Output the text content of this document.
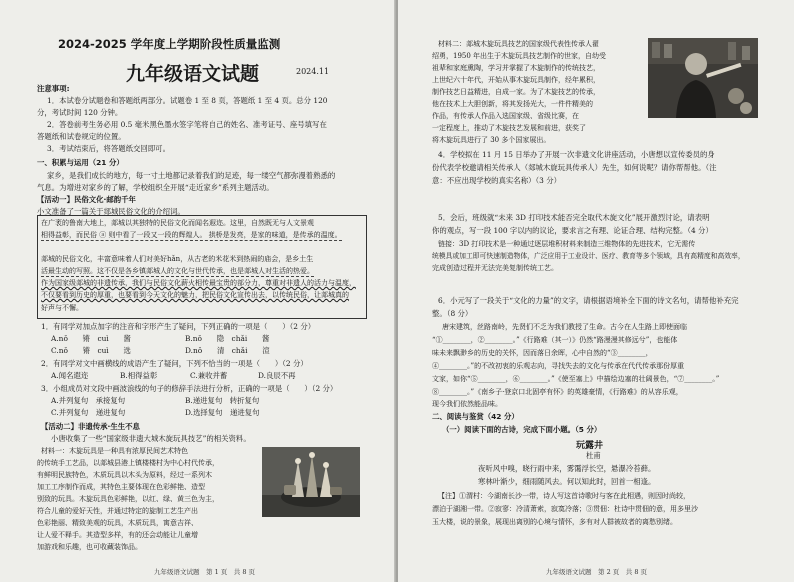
2024-2025 学年度上学期阶段性质量监测
九年级语文试题	2024.11
注意事项:
1．本试卷分试题卷和答题纸两部分。试题卷 1 至 8 页，答题纸 1 至 4 页。总分 120
分，考试时间 120 分钟。
2．答卷前考生务必用 0.5 毫米黑色墨水签字笔将自己的姓名、准考证号、座号填写在
答题纸和试卷规定的位置。
3．考试结束后，将答题纸交回即可。
一、积累与运用（21 分）
家乡，是我们成长的地方，每一寸土地都记录着我们的足迹，每一缕空气都弥漫着熟悉的
气息。为增进对家乡的了解，学校组织全开展“走近家乡”系列主题活动。
【活动一】民俗文化·邮韵千年
小文准备了一篇关于郯城民俗文化的介绍词。
在广袤的鲁南大地上，郯城以其独特的民俗文化而闻名遐迩。这里，自然既无与人文景观
相得益彰，而民俗 ⓐ 则中看了一段又一段的辉煌人。 拱桥是发亮，是家的味道，是传承的温度。
郯城的民俗文化，丰富意味着人们对美好hǎn，从古老的米花米到热闹的庙会，是乡土生
活最生动的写照。这不仅是各乡镇郯城人的文化与世代传承，也是郯城人对生活的热爱。
作为国家级郯城的非遗传承，我们与民俗文化薪火相传最宝贵的部分力，尊重对非遗人的活力与温度，
不仅要看到历史的厚重，也要看到今天文化的魅力，把民俗文化宣传出去，以传统民俗，让郯城真的
好声与不懈。
1．有同学对加点加字的注音和字形产生了疑问，下列正确的一项是（　　）（2 分）
A.nǒ　　锵　cuì　　酱	B.nǒ　　隐　chǎi　　酱
C.nǒ　　锵　cuì　　选	D.nǒ　　清　chǎi　　渲
2．有同学对文中画横线的成语产生了疑问，下列不恰当的一项是（　　）（2 分）
A.闻名遐迩	B.相得益彰	C.兼收并蓄	D.良辰不再
3．小组成员对文段中画波浪线的句子的修辞手法进行分析，正确的一项是（　　）（2 分）
A.并列复句　承接复句	B.递进复句　转折复句
C.并列复句　递进复句	D.选择复句　递进复句
【活动二】非遗传承·生生不息
小唐收集了一些“国家级非遗大城木旋玩具技艺”的相关资料。
材料一：木旋玩具是一种具有浓厚民间艺术特色
的传统手工艺品，以郯城县港上镇楼楼村为中心村代传承，
有鲜明民族特色，木质玩具以木头为原料，经过一系列木
加工工序制作而成，其特色主要体现在色彩鲜艳、造型
别致的玩具。木旋玩具色彩鲜艳，以红、绿、黄三色为主，
符合儿童的爱好天性，并通过特定的旋制工艺生产出
色彩艳丽、精致美观的玩具，木质玩具，寓意吉祥、
让人爱不释手。其造型多样，有的还会动能让儿童增
加游戏和乐趣，也可收藏装饰品。
九年级语文试题　第 1 页　共 8 页
材料二：郯城木旋玩具技艺的国家级代表性传承人翟
绍勇，1950 年出生于木旋玩具技艺制作的世家，自幼受
祖辈和家庭熏陶，学习并掌握了木旋制作的传统技艺，
上世纪六十年代，开始从事木旋玩具制作，经年累积，
制作技艺日益精进，自成一家。为了木旋技艺的传承，
他在技术上大胆创新，将其发扬光大，一件件精美的
作品，有传承人作品入选国家级、省级比赛，在
一定程度上，推动了木旋技艺发展和前进，获奖了
将木旋玩具进行了 30 多个国家展出。
4．学校拟在 11 月 15 日举办了开展一次非遗文化讲座活动，小唐想以宣传委员的身
份代表学校邀请相关传承人（郯城木旋玩具传承人）先生，如何说呢？请你帮帮他。（注
意：不应出现学校的真实名称）（3 分）
5．会后，班级就“未来 3D 打印技术能否完全取代木旋文化”展开激烈讨论，请表明
你的观点，写一段 100 字以内的议论，要求言之有理、论证合理、结构完整。（4 分）
链接：3D 打印技术是一种通过逐层堆积材料来制造三维物体的先进技术，它无需传
统模具或加工即可快速制造物体，广泛应用于工业设计、医疗、教育等多个领域，具有高精度和高效率，
完成创造过程并无法完美复制传统工艺。
6．小元写了一段关于“文化的力量”的文字，请根据语境补全下面的诗文名句，请帮他补充完
整。（8 分）
唐宋建筑，丝路南岭，先贤们不乏为我们教授了生命。古今在人生路上即使面临
“①________，②________。”《行路难（其一）》仍然“路漫漫其修远兮”，也能体
味未来飘渺乡的历史的关怀，因而落日余晖，心中自然的“③________，
④________。”的不改初衷的乐观志向，寻找失去的文化与传承在代代传承那份厚重
文家，如你“⑤________，⑥________。”《使至塞上》中描绘边塞的壮阔景色，“⑦________。”
⑧________。”《南乡子·登京口北固亭有怀》的英雄豪情，《行路难》的从容乐观，
现今我们依然能品味。
二、阅读与鉴赏（42 分）
（一）阅读下面的古诗，完成下面小题。（5 分）
玩露井
杜甫
夜听风中嗅，晓行雨中来，雾霭浮长空，悬瀑冷苔藓。
寒林叶渐少，细雨随风去。何以知此时，回首一相逢。
【注】①渭村：今湖南长沙一带，诗人写这首诗歌时与客在此相遇，则因时尚较，
漂泊于湖湘一带。②寂寥：冷清萧索，寂寞冷落；③贯佃：杜诗中贯佃的意，用多里沙
玉大楼，说的景象，展现出离别的心境与情怀，多有对人群被故者的离愁别绪。
九年级语文试题　第 2 页　共 8 页
